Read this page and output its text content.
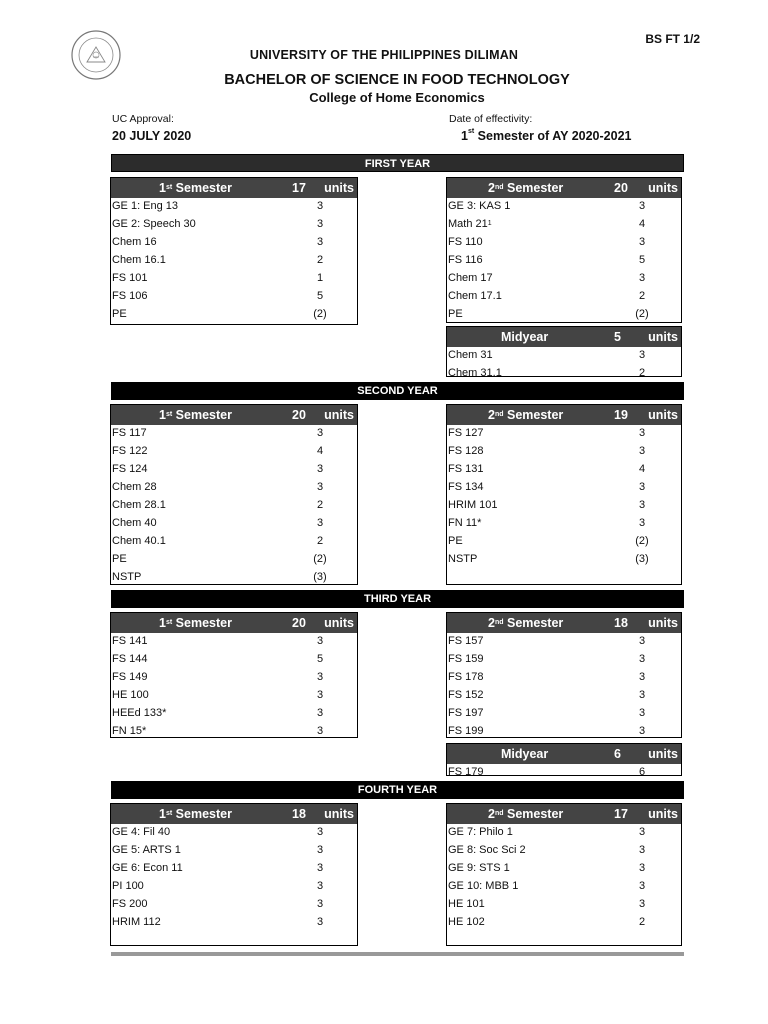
BS FT 1/2
UNIVERSITY OF THE PHILIPPINES DILIMAN
BACHELOR OF SCIENCE IN FOOD TECHNOLOGY
College of Home Economics
UC Approval:
20 JULY 2020
Date of effectivity:
1st Semester of AY 2020-2021
FIRST YEAR
1st Semester	17 units
GE 1: Eng 13	3
GE 2: Speech 30	3
Chem 16	3
Chem 16.1	2
FS 101	1
FS 106	5
PE	(2)
2nd Semester	20 units
GE 3: KAS 1	3
Math $21^1$	4
FS 110	3
FS 116	5
Chem 17	3
Chem 17.1	2
PE	(2)
Midyear	5 units
Chem 31	3
Chem 31.1	2
SECOND YEAR
1st Semester	20 units
FS 117	3
FS 122	4
FS 124	3
Chem 28	3
Chem 28.1	2
Chem 40	3
Chem 40.1	2
PE	(2)
NSTP	(3)
2nd Semester	19 units
FS 127	3
FS 128	3
FS 131	4
FS 134	3
HRIM 101	3
FN 11*	3
PE	(2)
NSTP	(3)
THIRD YEAR
1st Semester	20 units
FS 141	3
FS 144	5
FS 149	3
HE 100	3
HEEd 133*	3
FN 15*	3
2nd Semester	18 units
FS 157	3
FS 159	3
FS 178	3
FS 152	3
FS 197	3
FS 199	3
Midyear	6 units
FS 179	6
FOURTH YEAR
1st Semester	18 units
GE 4: Fil 40	3
GE 5: ARTS 1	3
GE 6: Econ 11	3
PI 100	3
FS 200	3
HRIM 112	3
2nd Semester	17 units
GE 7: Philo 1	3
GE 8: Soc Sci 2	3
GE 9: STS 1	3
GE 10: MBB 1	3
HE 101	3
HE 102	2
